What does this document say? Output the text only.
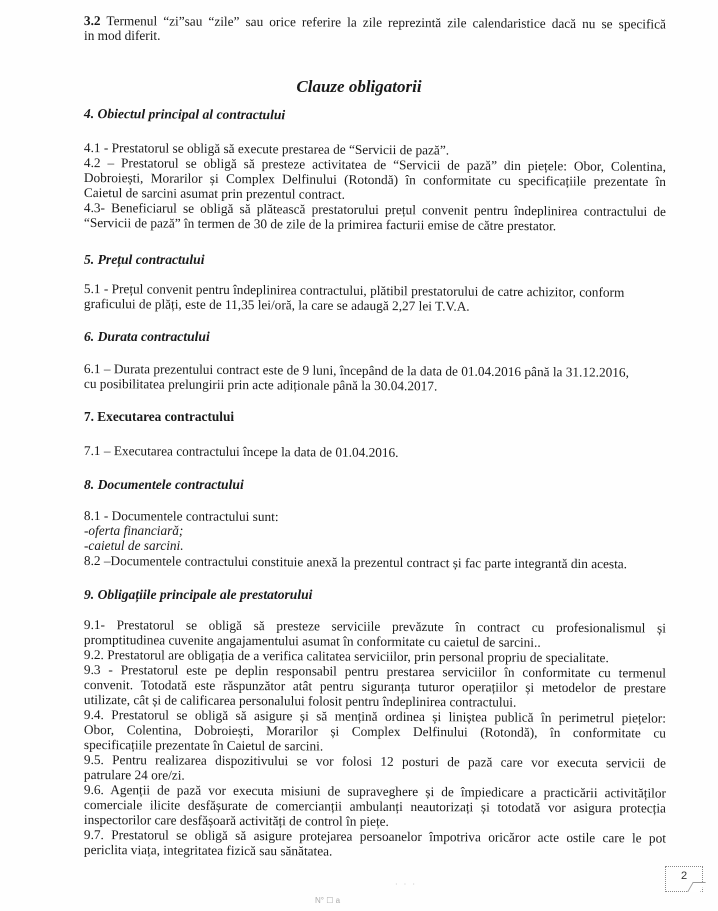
3.2 Termenul “zi”sau “zile” sau orice referire la zile reprezintă zile calendaristice dacă nu se specifică
in mod diferit.
Clauze obligatorii
4. Obiectul principal al contractului
4.1 - Prestatorul se obligă să execute prestarea de “Servicii de pază”.
4.2 – Prestatorul se obligă să presteze activitatea de “Servicii de pază” din piețele: Obor, Colentina,
Dobroiești, Morarilor și Complex Delfinului (Rotondă) în conformitate cu specificațiile prezentate în
Caietul de sarcini asumat prin prezentul contract.
4.3- Beneficiarul se obligă să plătească prestatorului prețul convenit pentru îndeplinirea contractului de
“Servicii de pază” în termen de 30 de zile de la primirea facturii emise de către prestator.
5. Prețul contractului
5.1 - Prețul convenit pentru îndeplinirea contractului, plătibil prestatorului de catre achizitor, conform
graficului de plăți, este de 11,35 lei/oră, la care se adaugă 2,27 lei T.V.A.
6. Durata contractului
6.1 – Durata prezentului contract este de 9 luni, începând de la data de 01.04.2016 până la 31.12.2016,
cu posibilitatea prelungirii prin acte adiționale până la 30.04.2017.
7. Executarea contractului
7.1 – Executarea contractului începe la data de 01.04.2016.
8. Documentele contractului
8.1 - Documentele contractului sunt:
-oferta financiară;
-caietul de sarcini.
8.2 –Documentele contractului constituie anexă la prezentul contract și fac parte integrantă din acesta.
9. Obligațiile principale ale prestatorului
9.1- Prestatorul se obligă să presteze serviciile prevăzute în contract cu profesionalismul și
promptitudinea cuvenite angajamentului asumat în conformitate cu caietul de sarcini..
9.2. Prestatorul are obligația de a verifica calitatea serviciilor, prin personal propriu de specialitate.
9.3 - Prestatorul este pe deplin responsabil pentru prestarea serviciilor în conformitate cu termenul
convenit. Totodată este răspunzător atât pentru siguranța tuturor operațiilor și metodelor de prestare
utilizate, cât și de calificarea personalului folosit pentru îndeplinirea contractului.
9.4. Prestatorul se obligă să asigure și să mențină ordinea și liniștea publică în perimetrul piețelor:
Obor, Colentina, Dobroiești, Morarilor și Complex Delfinului (Rotondă), în conformitate cu
specificațiile prezentate în Caietul de sarcini.
9.5. Pentru realizarea dispozitivului se vor folosi 12 posturi de pază care vor executa servicii de
patrulare 24 ore/zi.
9.6. Agenții de pază vor executa misiuni de supraveghere și de împiedicare a practicării activităților
comerciale ilicite desfășurate de comercianții ambulanți neautorizați și totodată vor asigura protecția
inspectorilor care desfășoară activități de control în piețe.
9.7. Prestatorul se obligă să asigure protejarea persoanelor împotriva oricăror acte ostile care le pot
periclita viața, integritatea fizică sau sănătatea.
2
· · ·
N° ☐ a
